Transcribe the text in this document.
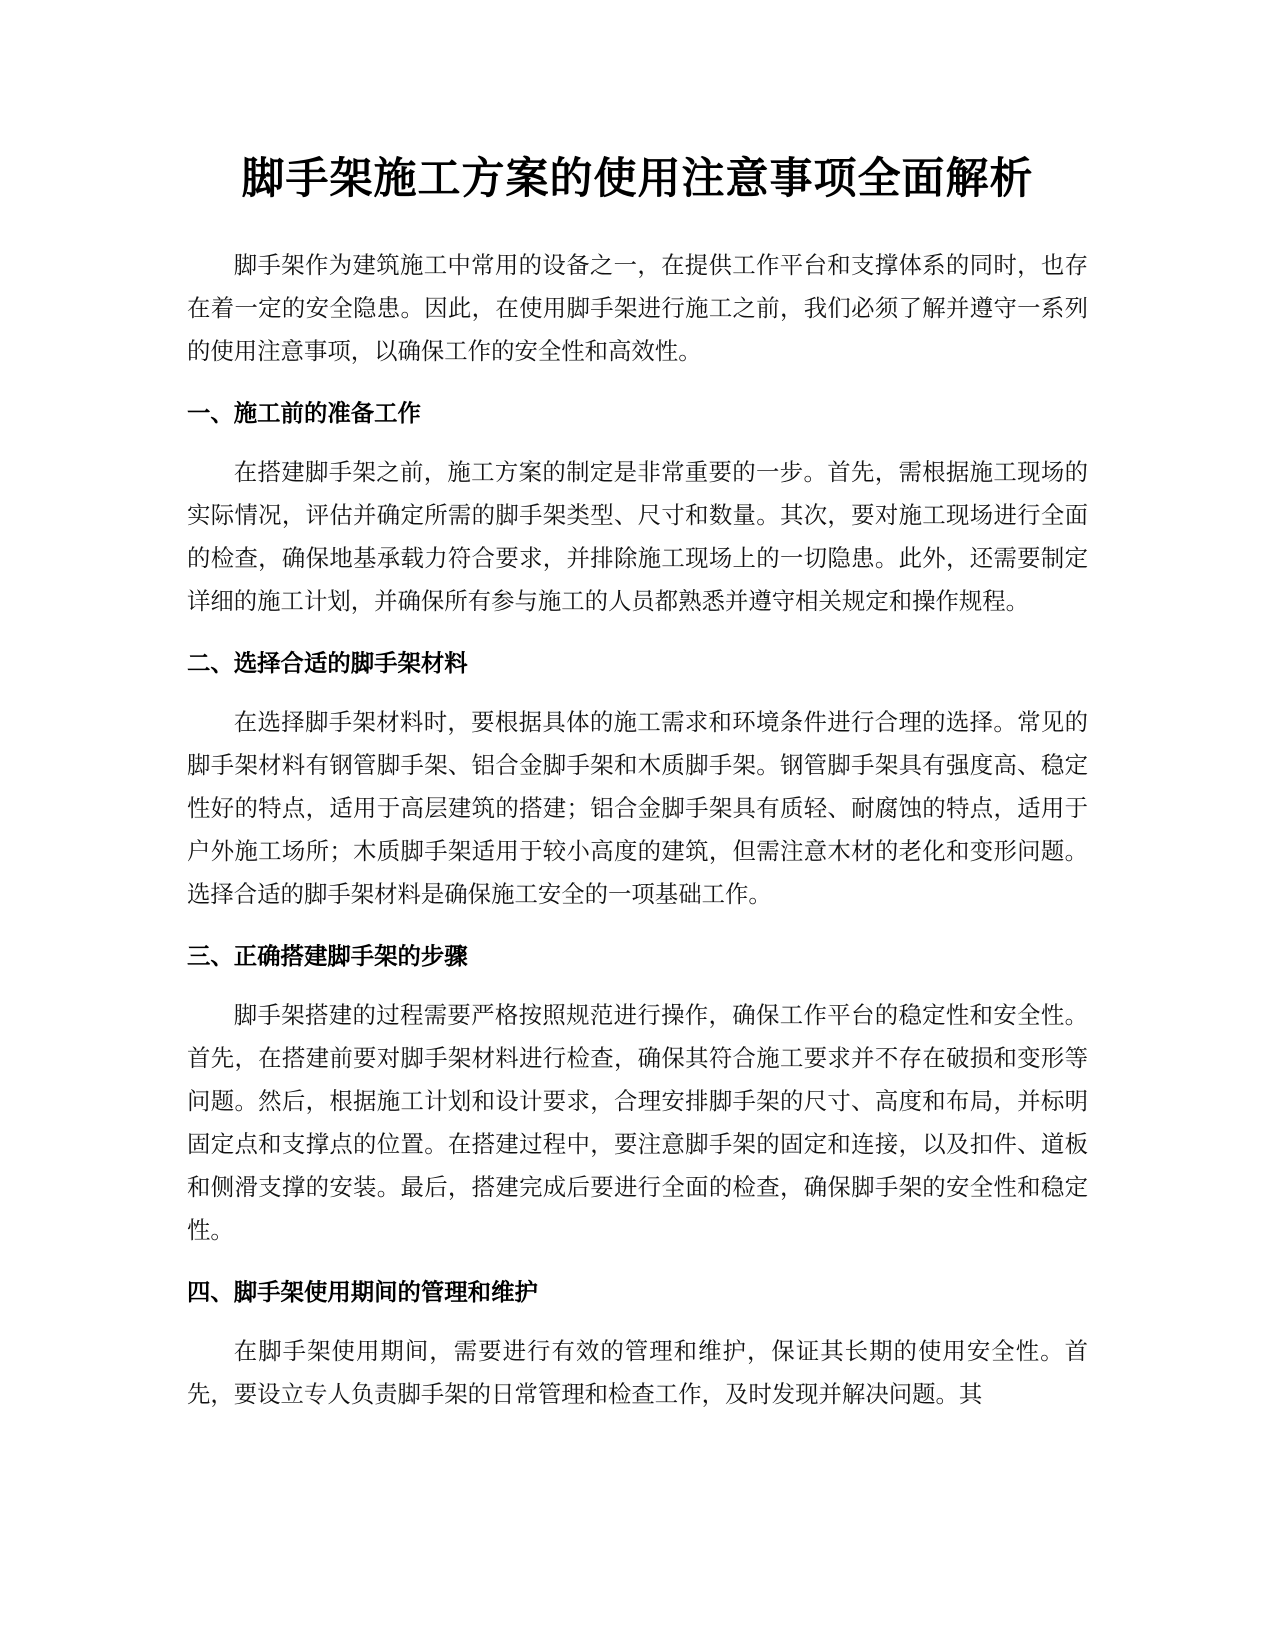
脚手架施工方案的使用注意事项全面解析

脚手架作为建筑施工中常用的设备之一，在提供工作平台和支撑体系的同时，也存在着一定的安全隐患。因此，在使用脚手架进行施工之前，我们必须了解并遵守一系列的使用注意事项，以确保工作的安全性和高效性。

一、施工前的准备工作

在搭建脚手架之前，施工方案的制定是非常重要的一步。首先，需根据施工现场的实际情况，评估并确定所需的脚手架类型、尺寸和数量。其次，要对施工现场进行全面的检查，确保地基承载力符合要求，并排除施工现场上的一切隐患。此外，还需要制定详细的施工计划，并确保所有参与施工的人员都熟悉并遵守相关规定和操作规程。

二、选择合适的脚手架材料

在选择脚手架材料时，要根据具体的施工需求和环境条件进行合理的选择。常见的脚手架材料有钢管脚手架、铝合金脚手架和木质脚手架。钢管脚手架具有强度高、稳定性好的特点，适用于高层建筑的搭建；铝合金脚手架具有质轻、耐腐蚀的特点，适用于户外施工场所；木质脚手架适用于较小高度的建筑，但需注意木材的老化和变形问题。选择合适的脚手架材料是确保施工安全的一项基础工作。

三、正确搭建脚手架的步骤

脚手架搭建的过程需要严格按照规范进行操作，确保工作平台的稳定性和安全性。首先，在搭建前要对脚手架材料进行检查，确保其符合施工要求并不存在破损和变形等问题。然后，根据施工计划和设计要求，合理安排脚手架的尺寸、高度和布局，并标明固定点和支撑点的位置。在搭建过程中，要注意脚手架的固定和连接，以及扣件、道板和侧滑支撑的安装。最后，搭建完成后要进行全面的检查，确保脚手架的安全性和稳定性。

四、脚手架使用期间的管理和维护

在脚手架使用期间，需要进行有效的管理和维护，保证其长期的使用安全性。首先，要设立专人负责脚手架的日常管理和检查工作，及时发现并解决问题。其
